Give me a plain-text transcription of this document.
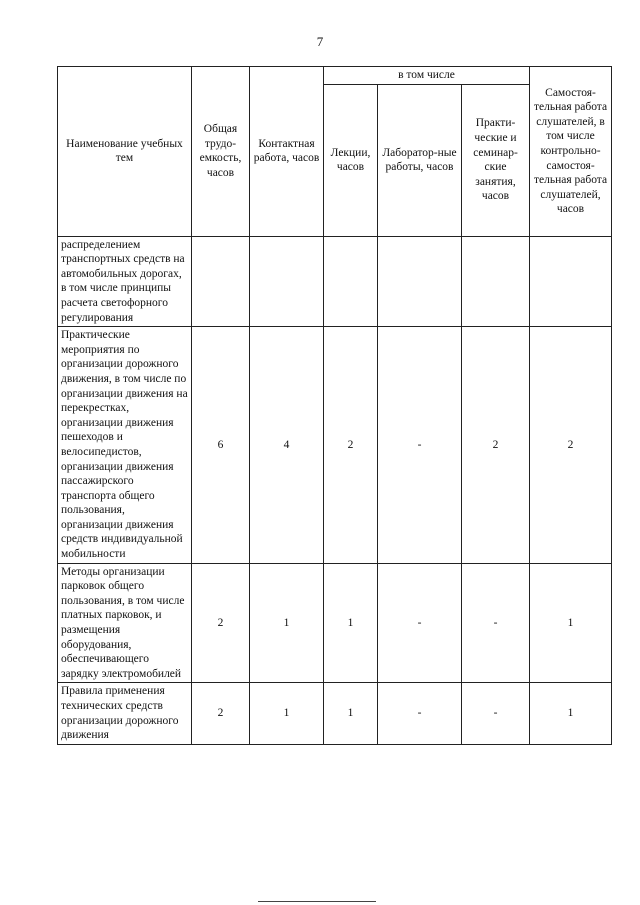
7
Наименование учебных тем	Общая трудо-емкость, часов	Контактная работа, часов	в том числе			Самостоя-тельная работа слушателей, в том числе контрольно-самостоя-тельная работа слушателей, часов
			Лекции, часов	Лаборатор-ные работы, часов	Практи-ческие и семинар-ские занятия, часов	
распределением транспортных средств на автомобильных дорогах, в том числе принципы расчета светофорного регулирования						
Практические мероприятия по организации дорожного движения, в том числе по организации движения на перекрестках, организации движения пешеходов и велосипедистов, организации движения пассажирского транспорта общего пользования, организации движения средств индивидуальной мобильности	6	4	2	-	2	2
Методы организации парковок общего пользования, в том числе платных парковок, и размещения оборудования, обеспечивающего зарядку электромобилей	2	1	1	-	-	1
Правила применения технических средств организации дорожного движения	2	1	1	-	-	1
